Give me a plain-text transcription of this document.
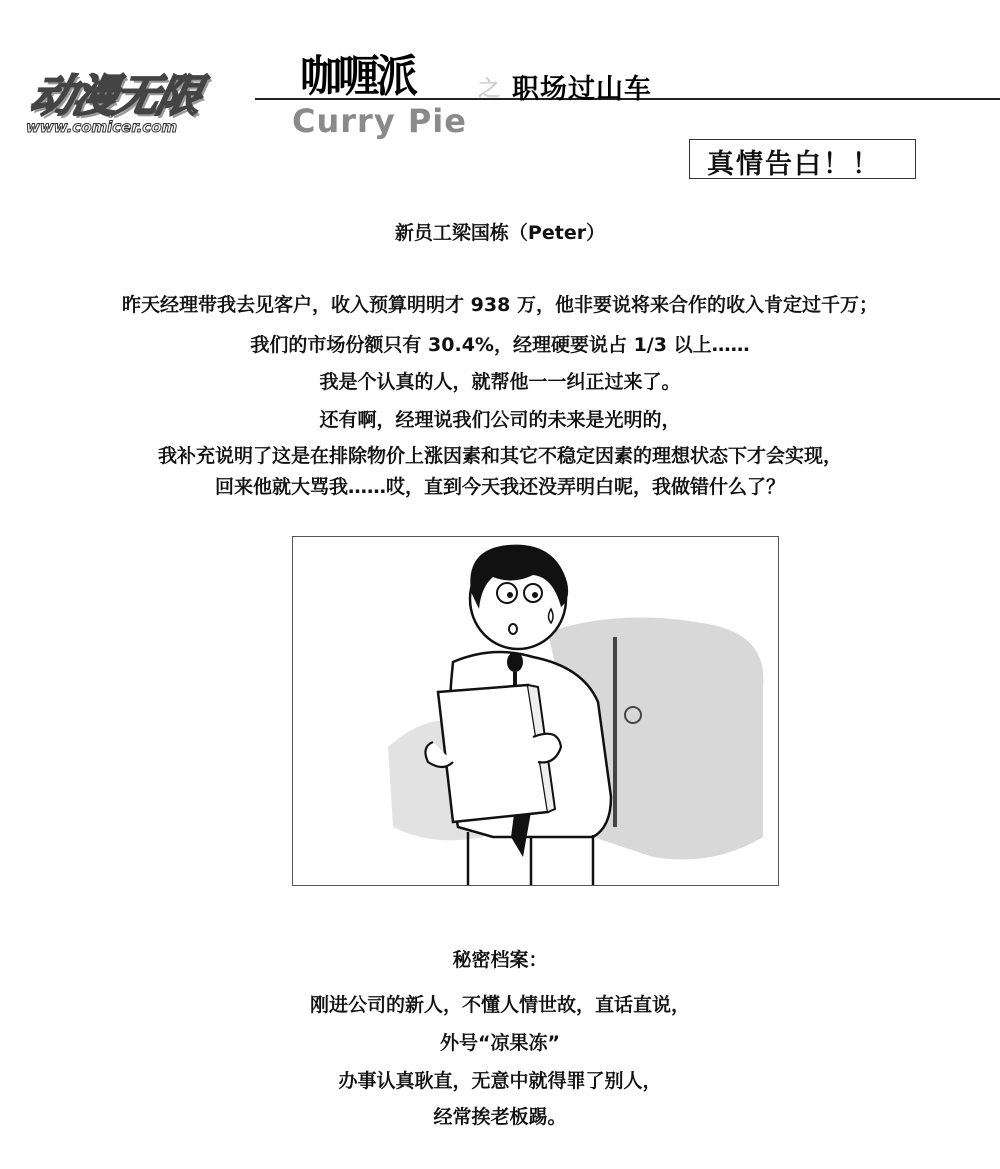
动漫无限
www.comicer.com
咖喱派	之 职场过山车
Curry Pie
真情告白！！
新员工梁国栋（Peter）
昨天经理带我去见客户，收入预算明明才 938 万，他非要说将来合作的收入肯定过千万；
我们的市场份额只有 30.4%，经理硬要说占 1/3 以上……
我是个认真的人，就帮他一一纠正过来了。
还有啊，经理说我们公司的未来是光明的，
我补充说明了这是在排除物价上涨因素和其它不稳定因素的理想状态下才会实现，
回来他就大骂我……哎，直到今天我还没弄明白呢，我做错什么了？
秘密档案：
刚进公司的新人，不懂人情世故，直话直说，
外号“凉果冻”
办事认真耿直，无意中就得罪了别人，
经常挨老板踢。
